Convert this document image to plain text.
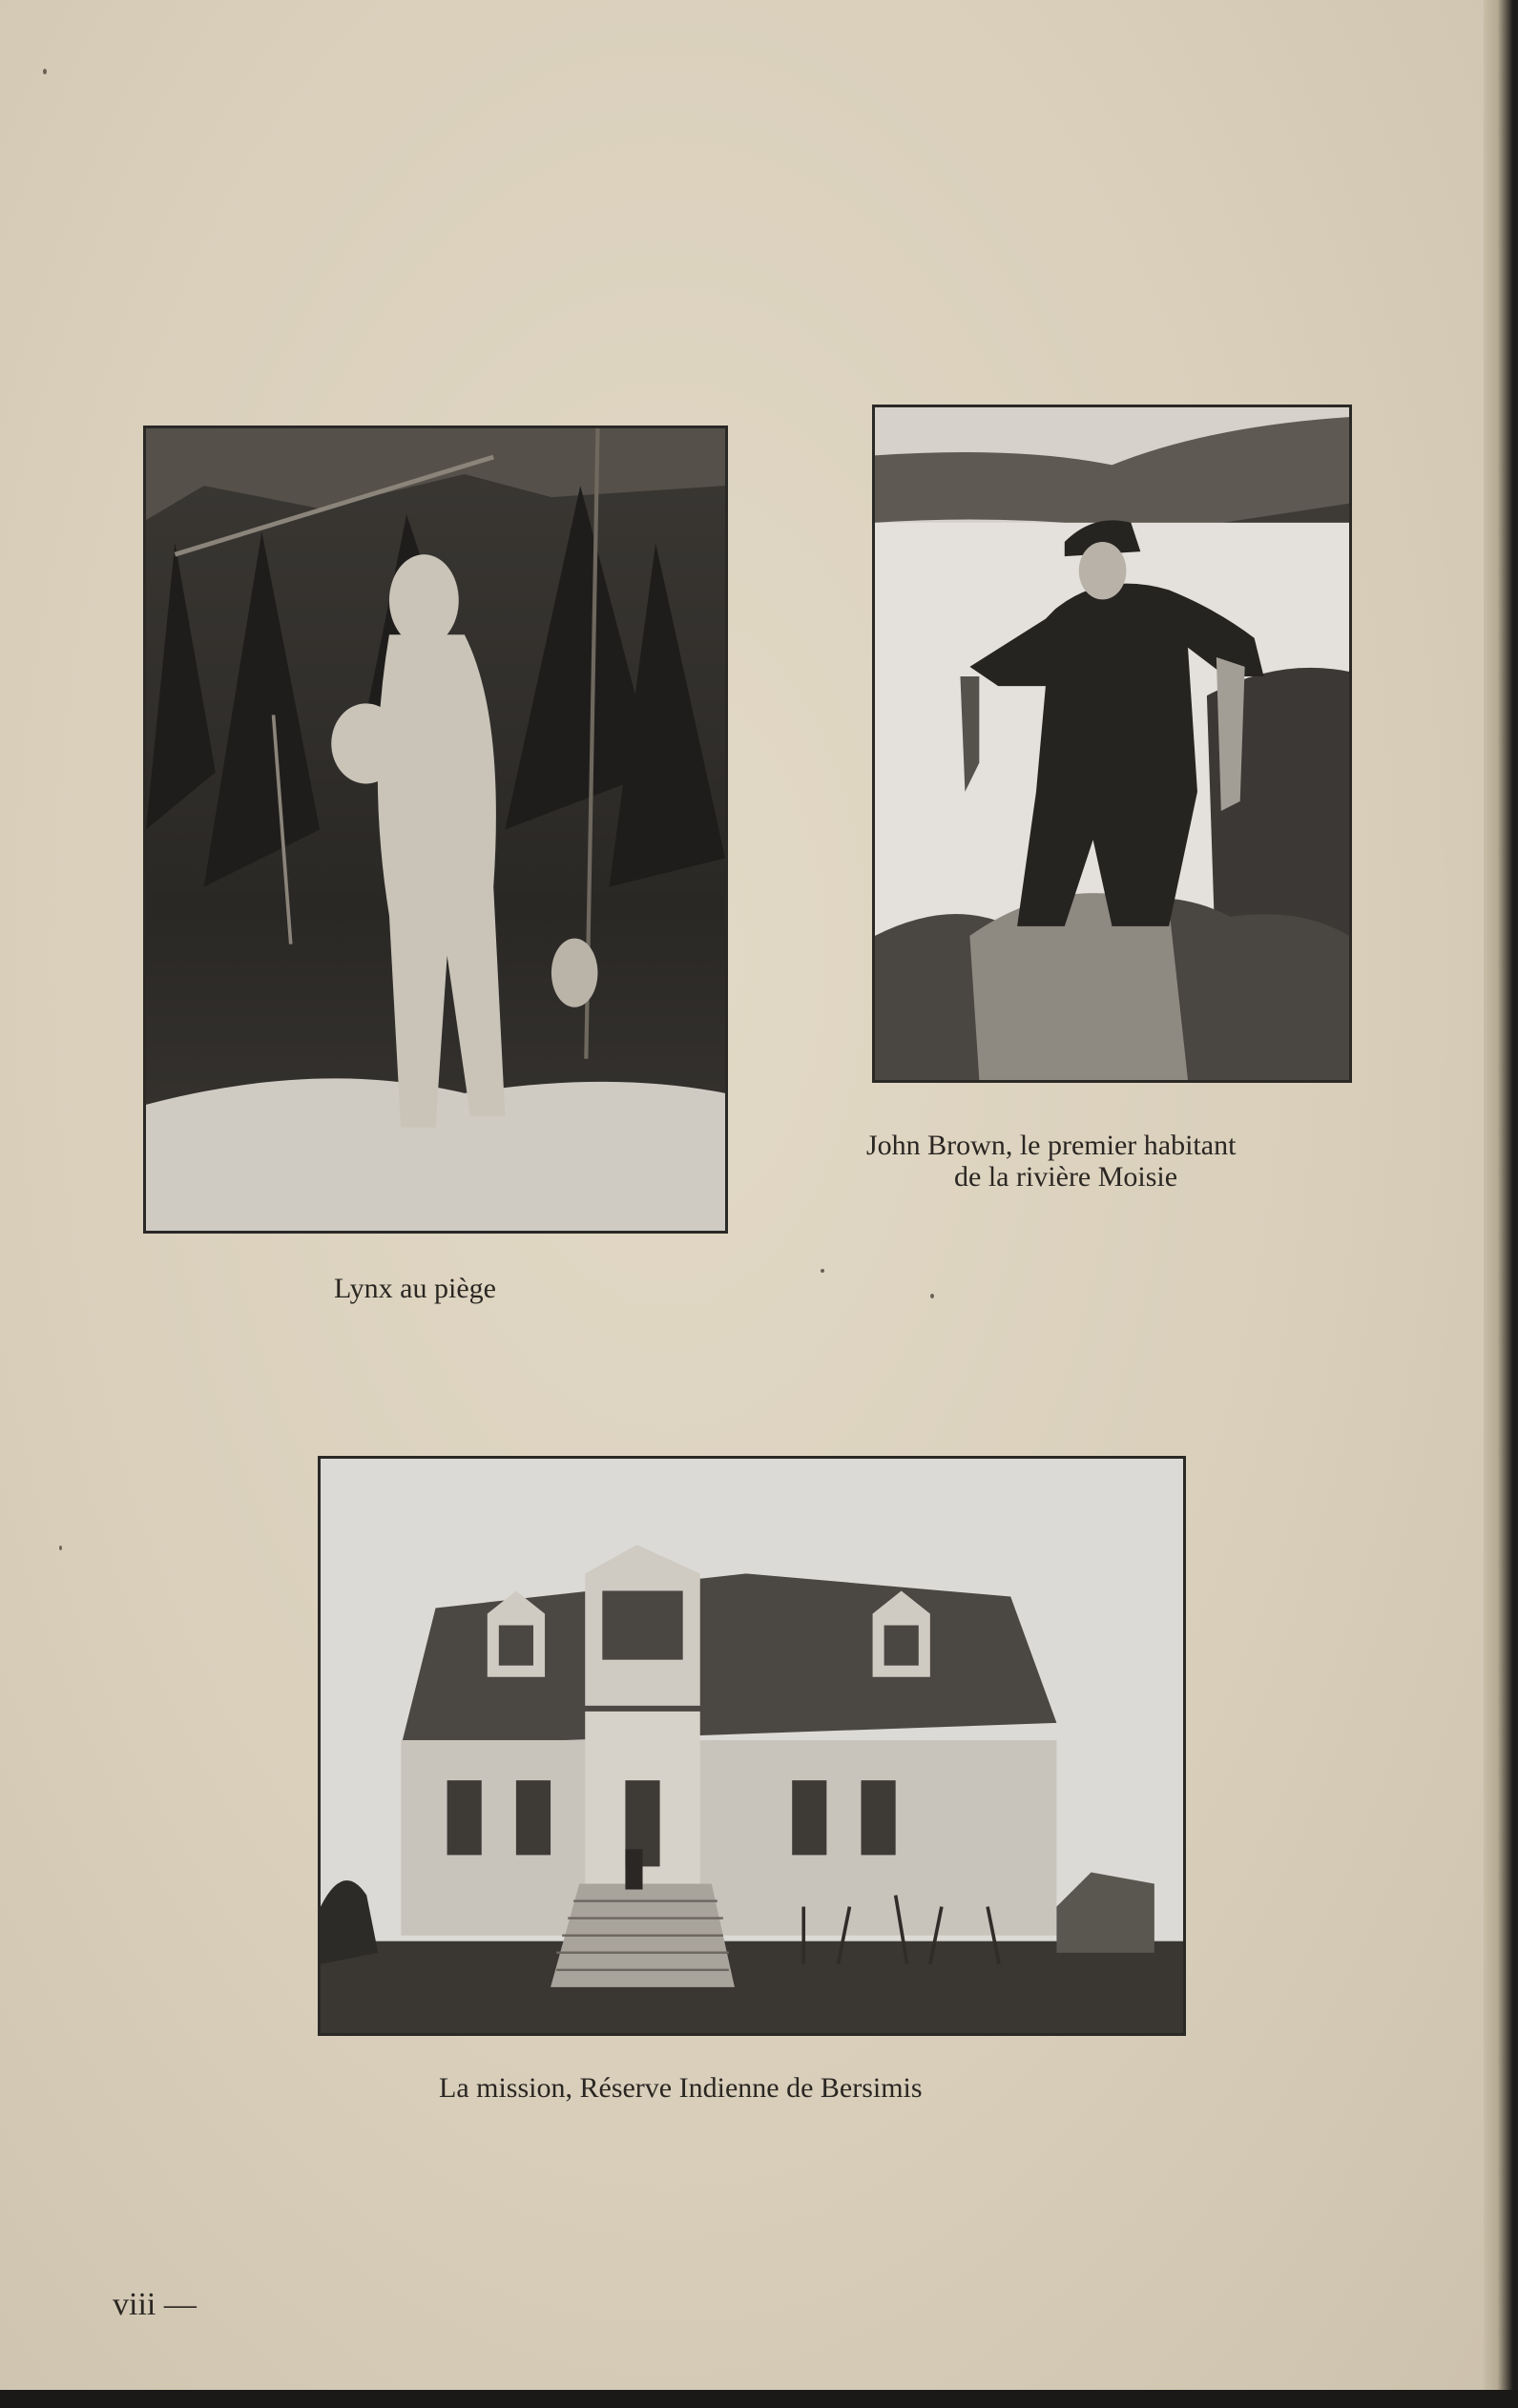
Lynx au piège
John Brown, le premier habitant
de la rivière Moisie
La mission, Réserve Indienne de Bersimis
viii —
